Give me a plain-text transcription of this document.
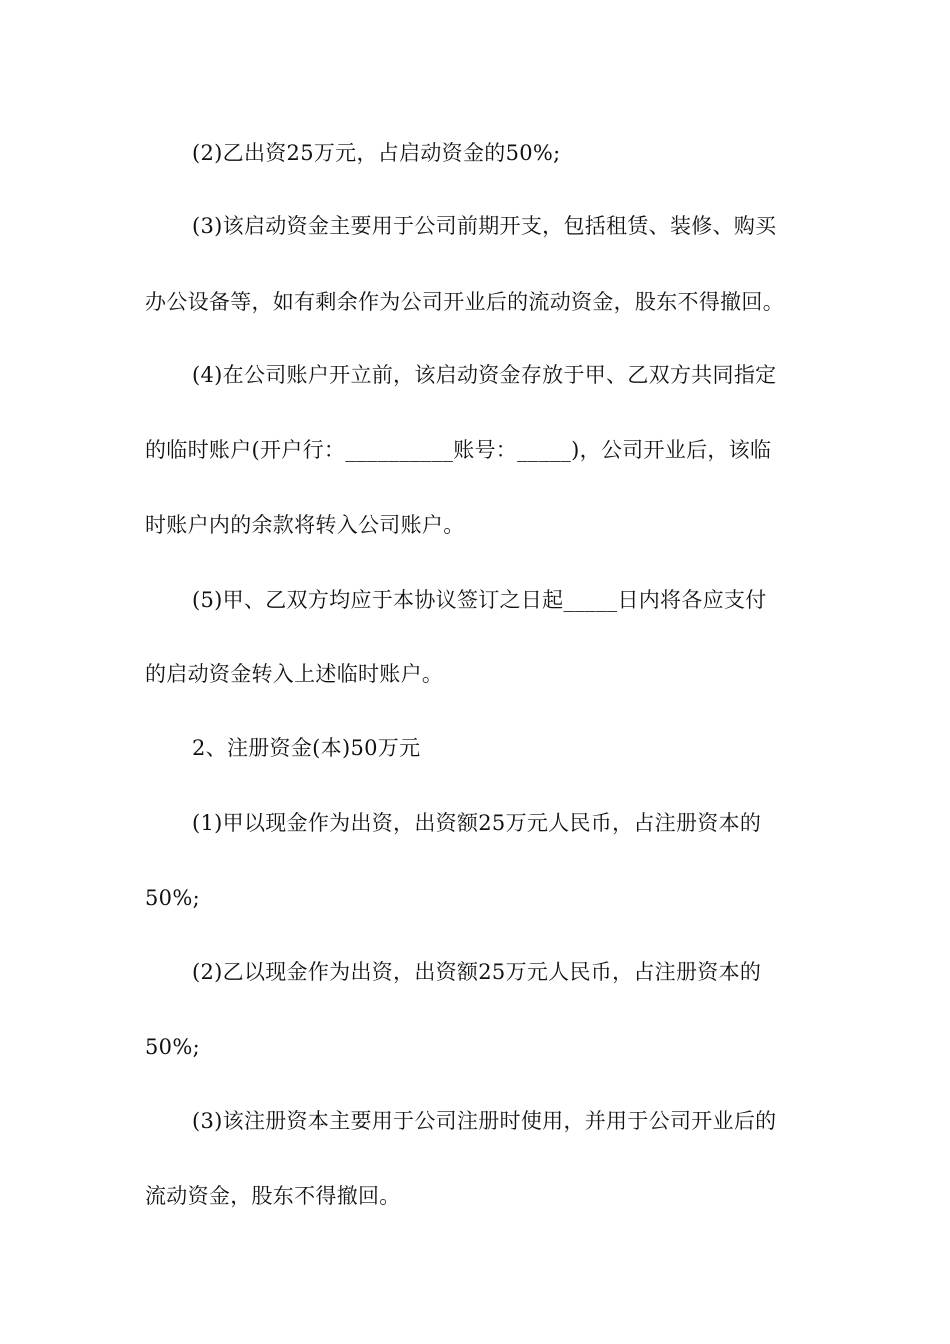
(2)乙出资25万元，占启动资金的50%;
(3)该启动资金主要用于公司前期开支，包括租赁、装修、购买
办公设备等，如有剩余作为公司开业后的流动资金，股东不得撤回。
(4)在公司账户开立前，该启动资金存放于甲、乙双方共同指定
的临时账户(开户行：__________账号：_____)，公司开业后，该临
时账户内的余款将转入公司账户。
(5)甲、乙双方均应于本协议签订之日起_____日内将各应支付
的启动资金转入上述临时账户。
2、注册资金(本)50万元
(1)甲以现金作为出资，出资额25万元人民币，占注册资本的
50%;
(2)乙以现金作为出资，出资额25万元人民币，占注册资本的
50%;
(3)该注册资本主要用于公司注册时使用，并用于公司开业后的
流动资金，股东不得撤回。
